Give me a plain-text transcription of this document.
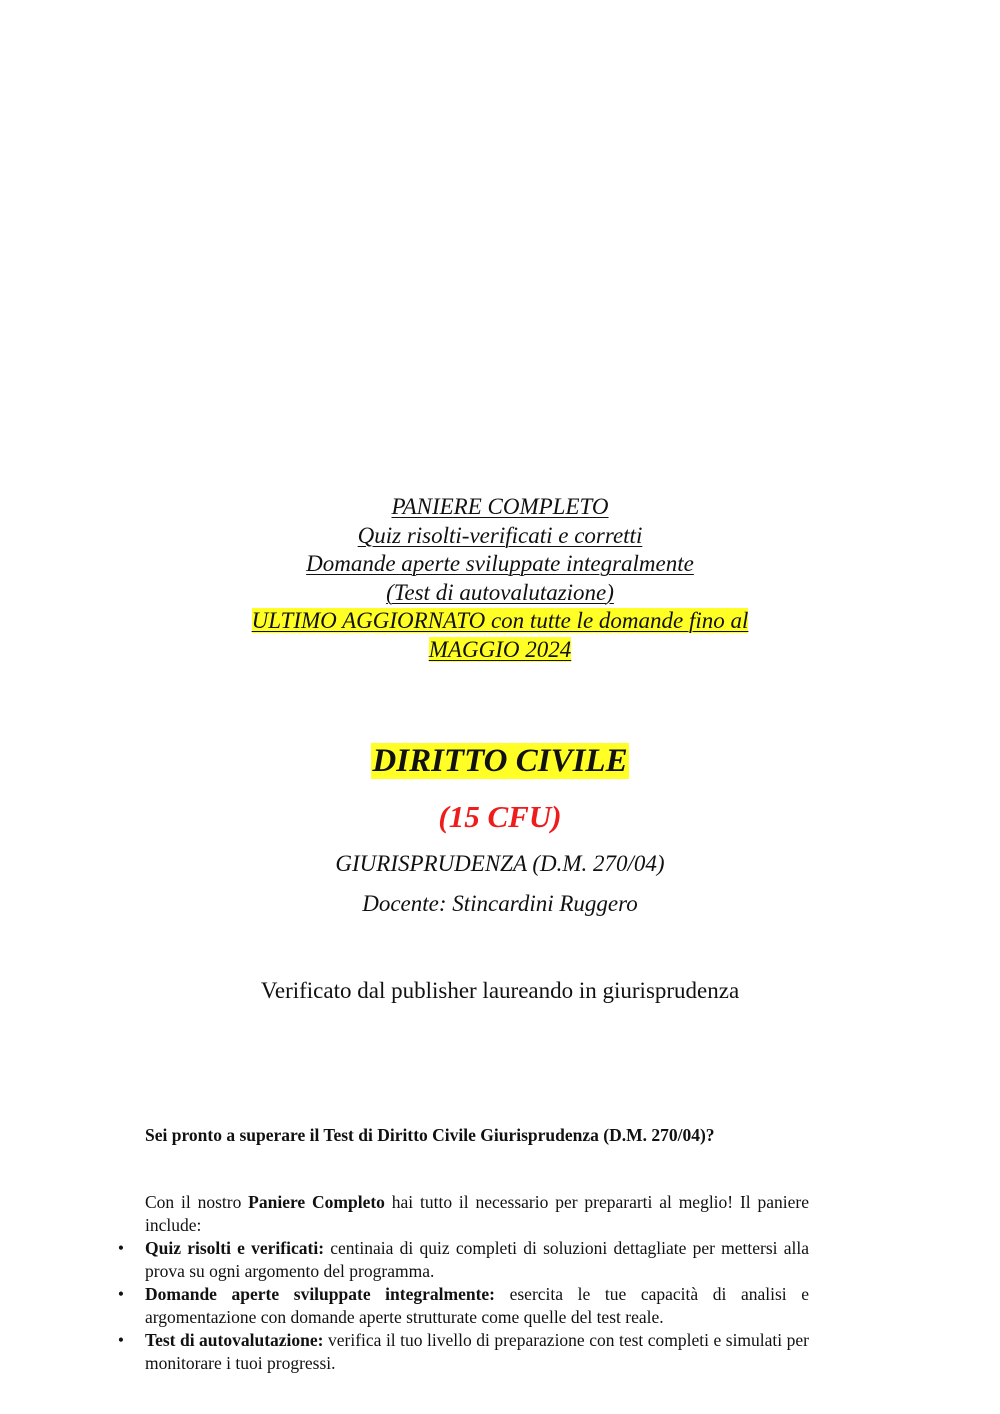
PANIERE COMPLETO
Quiz risolti-verificati e corretti
Domande aperte sviluppate integralmente
(Test di autovalutazione)
ULTIMO AGGIORNATO con tutte le domande fino al
MAGGIO 2024
DIRITTO CIVILE
(15 CFU)
GIURISPRUDENZA (D.M. 270/04)
Docente: Stincardini Ruggero
Verificato dal publisher laureando in giurisprudenza
Sei pronto a superare il Test di Diritto Civile Giurisprudenza (D.M. 270/04)?
Con il nostro Paniere Completo hai tutto il necessario per prepararti al meglio! Il paniere include:
• Quiz risolti e verificati: centinaia di quiz completi di soluzioni dettagliate per mettersi alla prova su ogni argomento del programma.
• Domande aperte sviluppate integralmente: esercita le tue capacità di analisi e argomentazione con domande aperte strutturate come quelle del test reale.
• Test di autovalutazione: verifica il tuo livello di preparazione con test completi e simulati per monitorare i tuoi progressi.
